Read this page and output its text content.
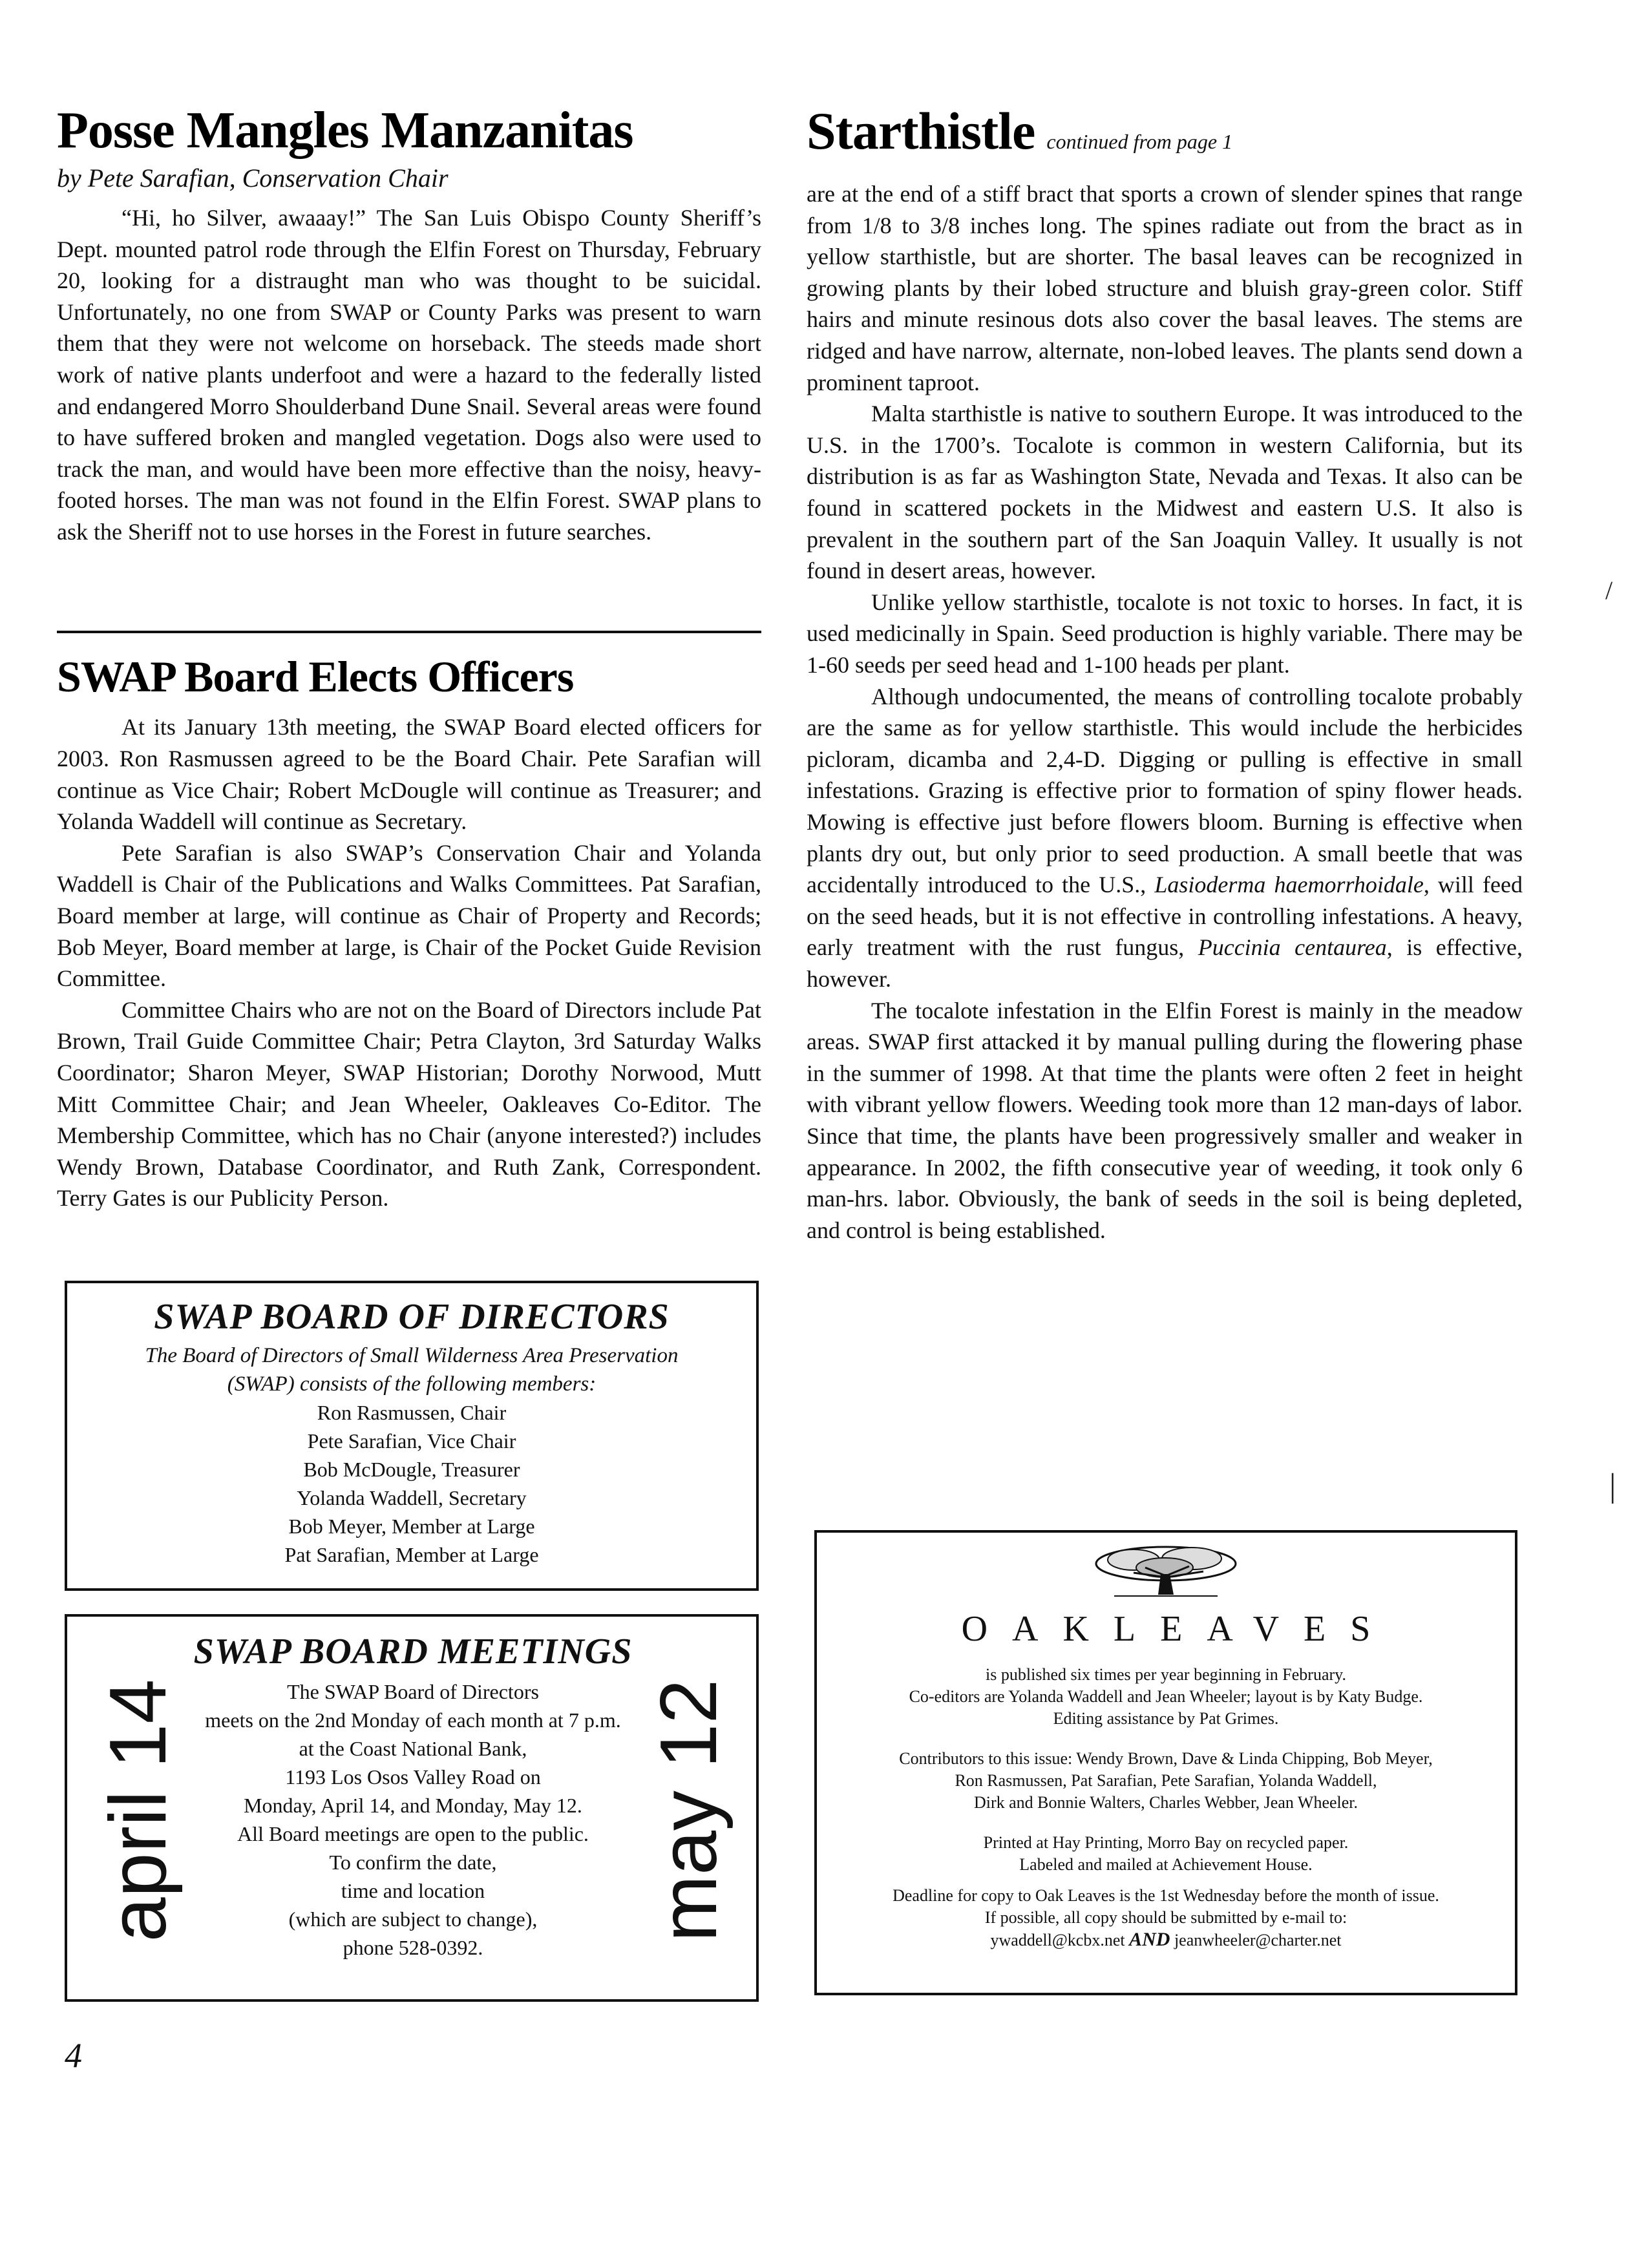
Posse Mangles Manzanitas

by Pete Sarafian, Conservation Chair

“Hi, ho Silver, awaaay!” The San Luis Obispo County Sheriff’s Dept. mounted patrol rode through the Elfin Forest on Thursday, February 20, looking for a distraught man who was thought to be suicidal. Unfortunately, no one from SWAP or County Parks was present to warn them that they were not welcome on horseback. The steeds made short work of native plants underfoot and were a hazard to the federally listed and endangered Morro Shoulderband Dune Snail. Several areas were found to have suffered broken and mangled vegetation. Dogs also were used to track the man, and would have been more effective than the noisy, heavy-footed horses. The man was not found in the Elfin Forest. SWAP plans to ask the Sheriff not to use horses in the Forest in future searches.

SWAP Board Elects Officers

At its January 13th meeting, the SWAP Board elected officers for 2003. Ron Rasmussen agreed to be the Board Chair. Pete Sarafian will continue as Vice Chair; Robert McDougle will continue as Treasurer; and Yolanda Waddell will continue as Secretary.

Pete Sarafian is also SWAP’s Conservation Chair and Yolanda Waddell is Chair of the Publications and Walks Committees. Pat Sarafian, Board member at large, will continue as Chair of Property and Records; Bob Meyer, Board member at large, is Chair of the Pocket Guide Revision Committee.

Committee Chairs who are not on the Board of Directors include Pat Brown, Trail Guide Committee Chair; Petra Clayton, 3rd Saturday Walks Coordinator; Sharon Meyer, SWAP Historian; Dorothy Norwood, Mutt Mitt Committee Chair; and Jean Wheeler, Oakleaves Co-Editor. The Membership Committee, which has no Chair (anyone interested?) includes Wendy Brown, Database Coordinator, and Ruth Zank, Correspondent. Terry Gates is our Publicity Person.

SWAP BOARD OF DIRECTORS
The Board of Directors of Small Wilderness Area Preservation
(SWAP) consists of the following members:
Ron Rasmussen, Chair
Pete Sarafian, Vice Chair
Bob McDougle, Treasurer
Yolanda Waddell, Secretary
Bob Meyer, Member at Large
Pat Sarafian, Member at Large
april 14	may 12
SWAP BOARD MEETINGS
The SWAP Board of Directors
meets on the 2nd Monday of each month at 7 p.m.
at the Coast National Bank,
1193 Los Osos Valley Road on
Monday, April 14, and Monday, May 12.
All Board meetings are open to the public.
To confirm the date,
time and location
(which are subject to change),
phone 528-0392.
4
Starthistle continued from page 1

are at the end of a stiff bract that sports a crown of slender spines that range from 1/8 to 3/8 inches long. The spines radiate out from the bract as in yellow starthistle, but are shorter. The basal leaves can be recognized in growing plants by their lobed structure and bluish gray-green color. Stiff hairs and minute resinous dots also cover the basal leaves. The stems are ridged and have narrow, alternate, non-lobed leaves. The plants send down a prominent taproot.

Malta starthistle is native to southern Europe. It was introduced to the U.S. in the 1700’s. Tocalote is common in western California, but its distribution is as far as Washington State, Nevada and Texas. It also can be found in scattered pockets in the Midwest and eastern U.S. It also is prevalent in the southern part of the San Joaquin Valley. It usually is not found in desert areas, however.

Unlike yellow starthistle, tocalote is not toxic to horses. In fact, it is used medicinally in Spain. Seed production is highly variable. There may be 1-60 seeds per seed head and 1-100 heads per plant.

Although undocumented, the means of controlling tocalote probably are the same as for yellow starthistle. This would include the herbicides picloram, dicamba and 2,4-D. Digging or pulling is effective in small infestations. Grazing is effective prior to formation of spiny flower heads. Mowing is effective just before flowers bloom. Burning is effective when plants dry out, but only prior to seed production. A small beetle that was accidentally introduced to the U.S., Lasioderma haemorrhoidale, will feed on the seed heads, but it is not effective in controlling infestations. A heavy, early treatment with the rust fungus, Puccinia centaurea, is effective, however.

The tocalote infestation in the Elfin Forest is mainly in the meadow areas. SWAP first attacked it by manual pulling during the flowering phase in the summer of 1998. At that time the plants were often 2 feet in height with vibrant yellow flowers. Weeding took more than 12 man-days of labor. Since that time, the plants have been progressively smaller and weaker in appearance. In 2002, the fifth consecutive year of weeding, it took only 6 man-hrs. labor. Obviously, the bank of seeds in the soil is being depleted, and control is being established.

OAKLEAVES
is published six times per year beginning in February.
Co-editors are Yolanda Waddell and Jean Wheeler; layout is by Katy Budge.
Editing assistance by Pat Grimes.
Contributors to this issue: Wendy Brown, Dave & Linda Chipping, Bob Meyer,
Ron Rasmussen, Pat Sarafian, Pete Sarafian, Yolanda Waddell,
Dirk and Bonnie Walters, Charles Webber, Jean Wheeler.
Printed at Hay Printing, Morro Bay on recycled paper.
Labeled and mailed at Achievement House.
Deadline for copy to Oak Leaves is the 1st Wednesday before the month of issue.
If possible, all copy should be submitted by e-mail to:
ywaddell@kcbx.net AND jeanwheeler@charter.net
/
|
